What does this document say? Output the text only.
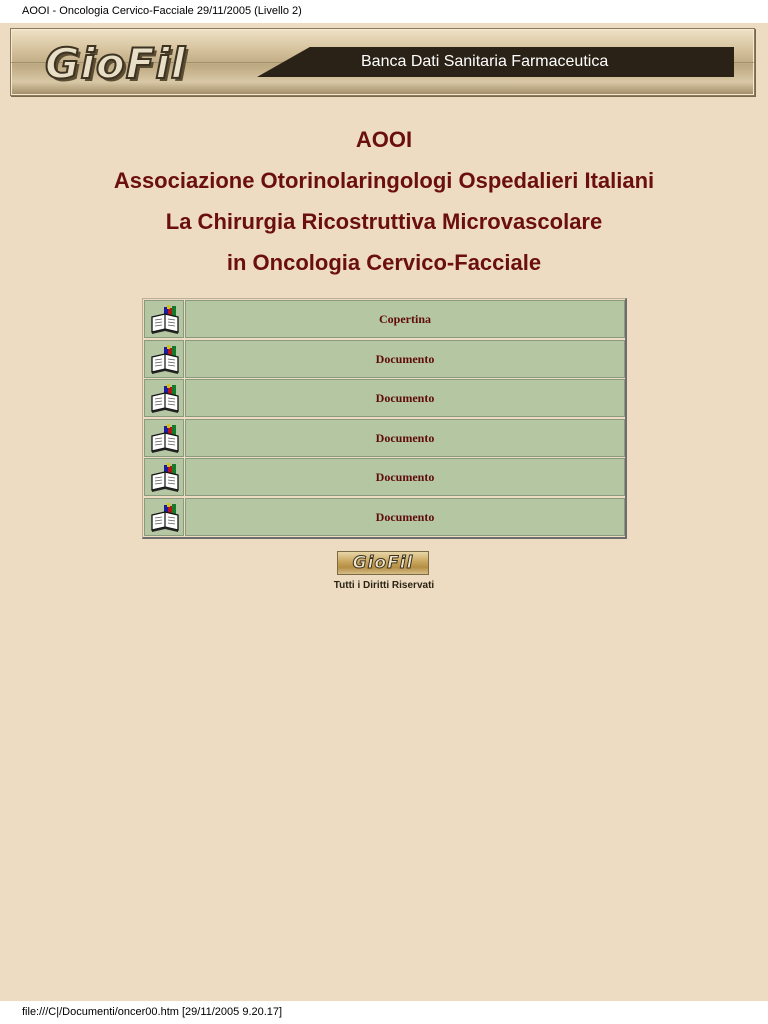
AOOI - Oncologia Cervico-Facciale 29/11/2005 (Livello 2)
GioFil	Banca Dati Sanitaria Farmaceutica
AOOI
Associazione Otorinolaringologi Ospedalieri Italiani
La Chirurgia Ricostruttiva Microvascolare
in Oncologia Cervico-Facciale
Copertina
Documento
Documento
Documento
Documento
Documento
GioFil
Tutti i Diritti Riservati
file:///C|/Documenti/oncer00.htm [29/11/2005 9.20.17]
